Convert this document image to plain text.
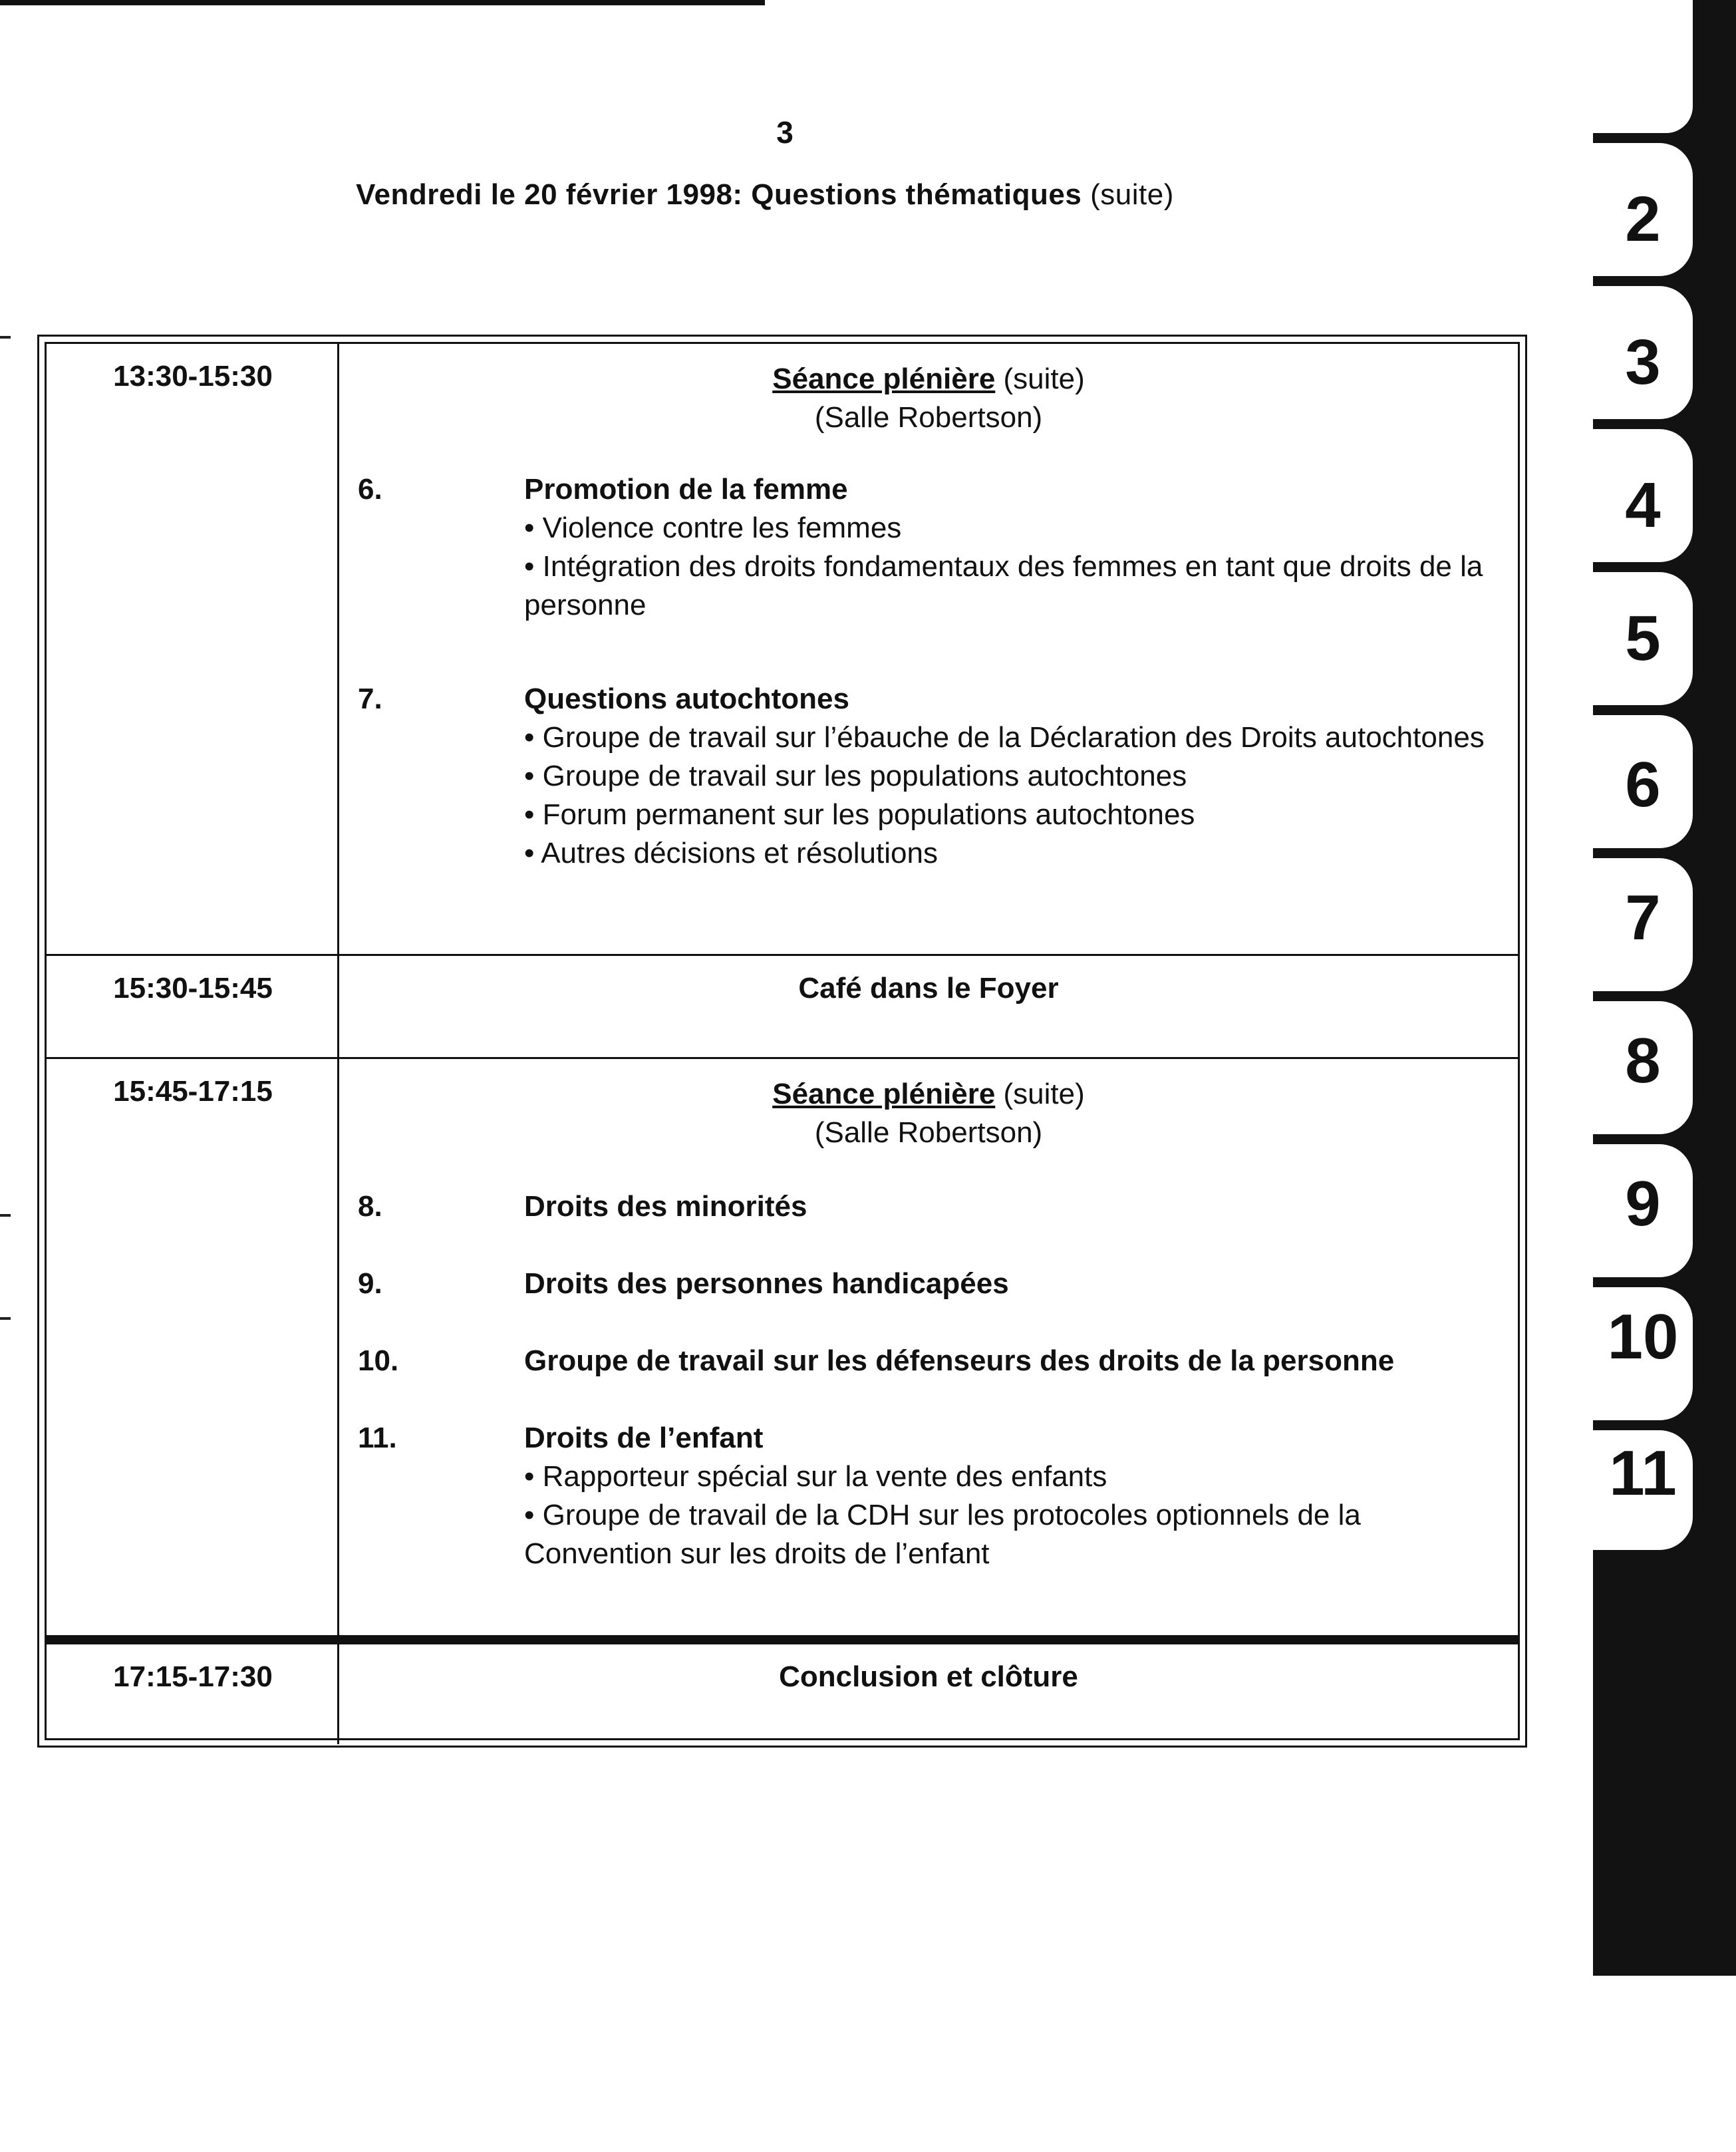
3
Vendredi le 20 février 1998: Questions thématiques (suite)
13:30-15:30	Séance plénière (suite)
(Salle Robertson)
6.	Promotion de la femme
• Violence contre les femmes
• Intégration des droits fondamentaux des femmes en tant que droits de la personne
7.	Questions autochtones
• Groupe de travail sur l’ébauche de la Déclaration des Droits autochtones
• Groupe de travail sur les populations autochtones
• Forum permanent sur les populations autochtones
• Autres décisions et résolutions
15:30-15:45	Café dans le Foyer
15:45-17:15	Séance plénière (suite)
(Salle Robertson)
8.	Droits des minorités
9.	Droits des personnes handicapées
10.	Groupe de travail sur les défenseurs des droits de la personne
11.	Droits de l’enfant
• Rapporteur spécial sur la vente des enfants
• Groupe de travail de la CDH sur les protocoles optionnels de la Convention sur les droits de l’enfant
17:15-17:30	Conclusion et clôture
2
3
4
5
6
7
8
9
10
11
